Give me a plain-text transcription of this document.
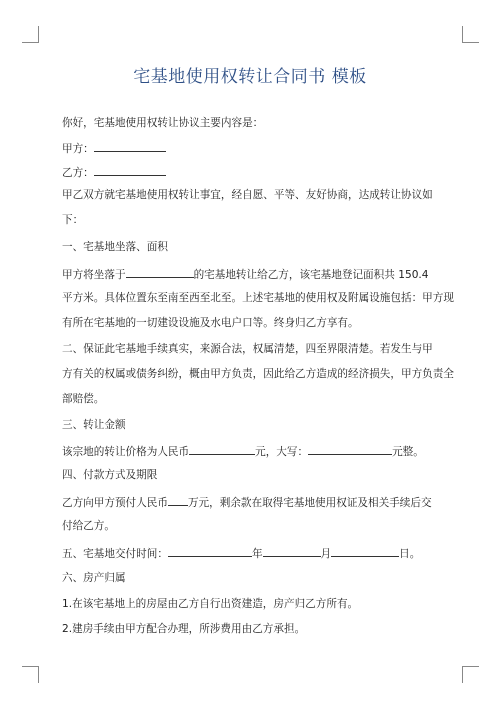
宅基地使用权转让合同书 模板
你好，宅基地使用权转让协议主要内容是：
甲方：
乙方：
甲乙双方就宅基地使用权转让事宜，经自愿、平等、友好协商，达成转让协议如
下：
一、宅基地坐落、面积
甲方将坐落于	的宅基地转让给乙方，该宅基地登记面积共 150.4
平方米。具体位置东至南至西至北至。上述宅基地的使用权及附属设施包括：甲方现
有所在宅基地的一切建设设施及水电户口等。终身归乙方享有。
二、保证此宅基地手续真实，来源合法，权属清楚，四至界限清楚。若发生与甲
方有关的权属或债务纠纷，概由甲方负责，因此给乙方造成的经济损失，甲方负责全
部赔偿。
三、转让金额
该宗地的转让价格为人民币	元，大写：	元整。
四、付款方式及期限
乙方向甲方预付人民币 万元，剩余款在取得宅基地使用权证及相关手续后交
付给乙方。
五、宅基地交付时间：	年	月	日。
六、房产归属
1.在该宅基地上的房屋由乙方自行出资建造，房产归乙方所有。
2.建房手续由甲方配合办理，所涉费用由乙方承担。
